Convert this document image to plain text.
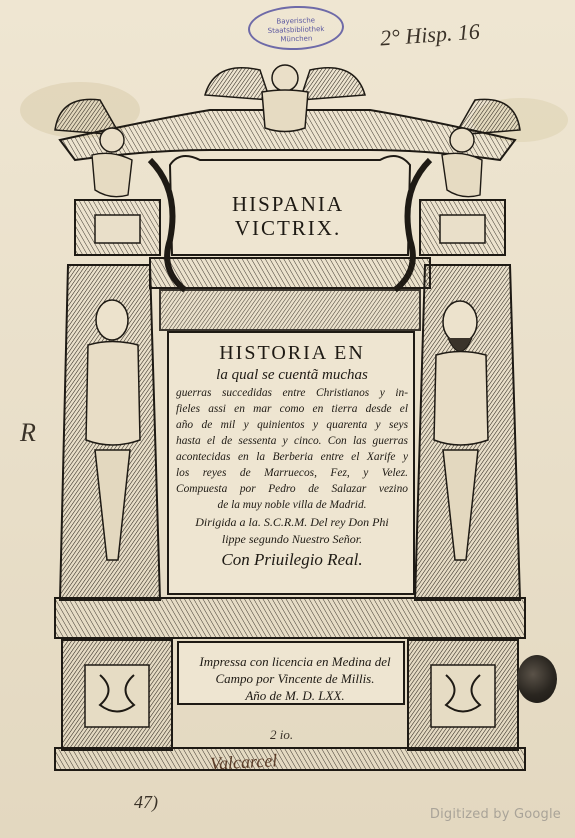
Bayerische
Staatsbibliothek
München	2° Hisp. 16
R
HISPANIA
VICTRIX.
HISTORIA EN
la qual se cuentã muchas
guerras succedidas entre Christianos y in-
fieles assi en mar como en tierra desde el
año de mil y quinientos y quarenta y seys
hasta el de sessenta y cinco. Con las guerras
acontecidas en la Berberia entre el Xarife y
los reyes de Marruecos, Fez, y Velez.
Compuesta por Pedro de Salazar vezino
de la muy noble villa de Madrid.
Dirigida a la. S.C.R.M. Del rey Don Phi
lippe segundo Nuestro Señor.
Con Priuilegio Real.
Impressa con licencia en Medina del
Campo por Vincente de Millis.
Año de M. D. LXX.
2 io.
Valcarcel
47)
Digitized by Google
